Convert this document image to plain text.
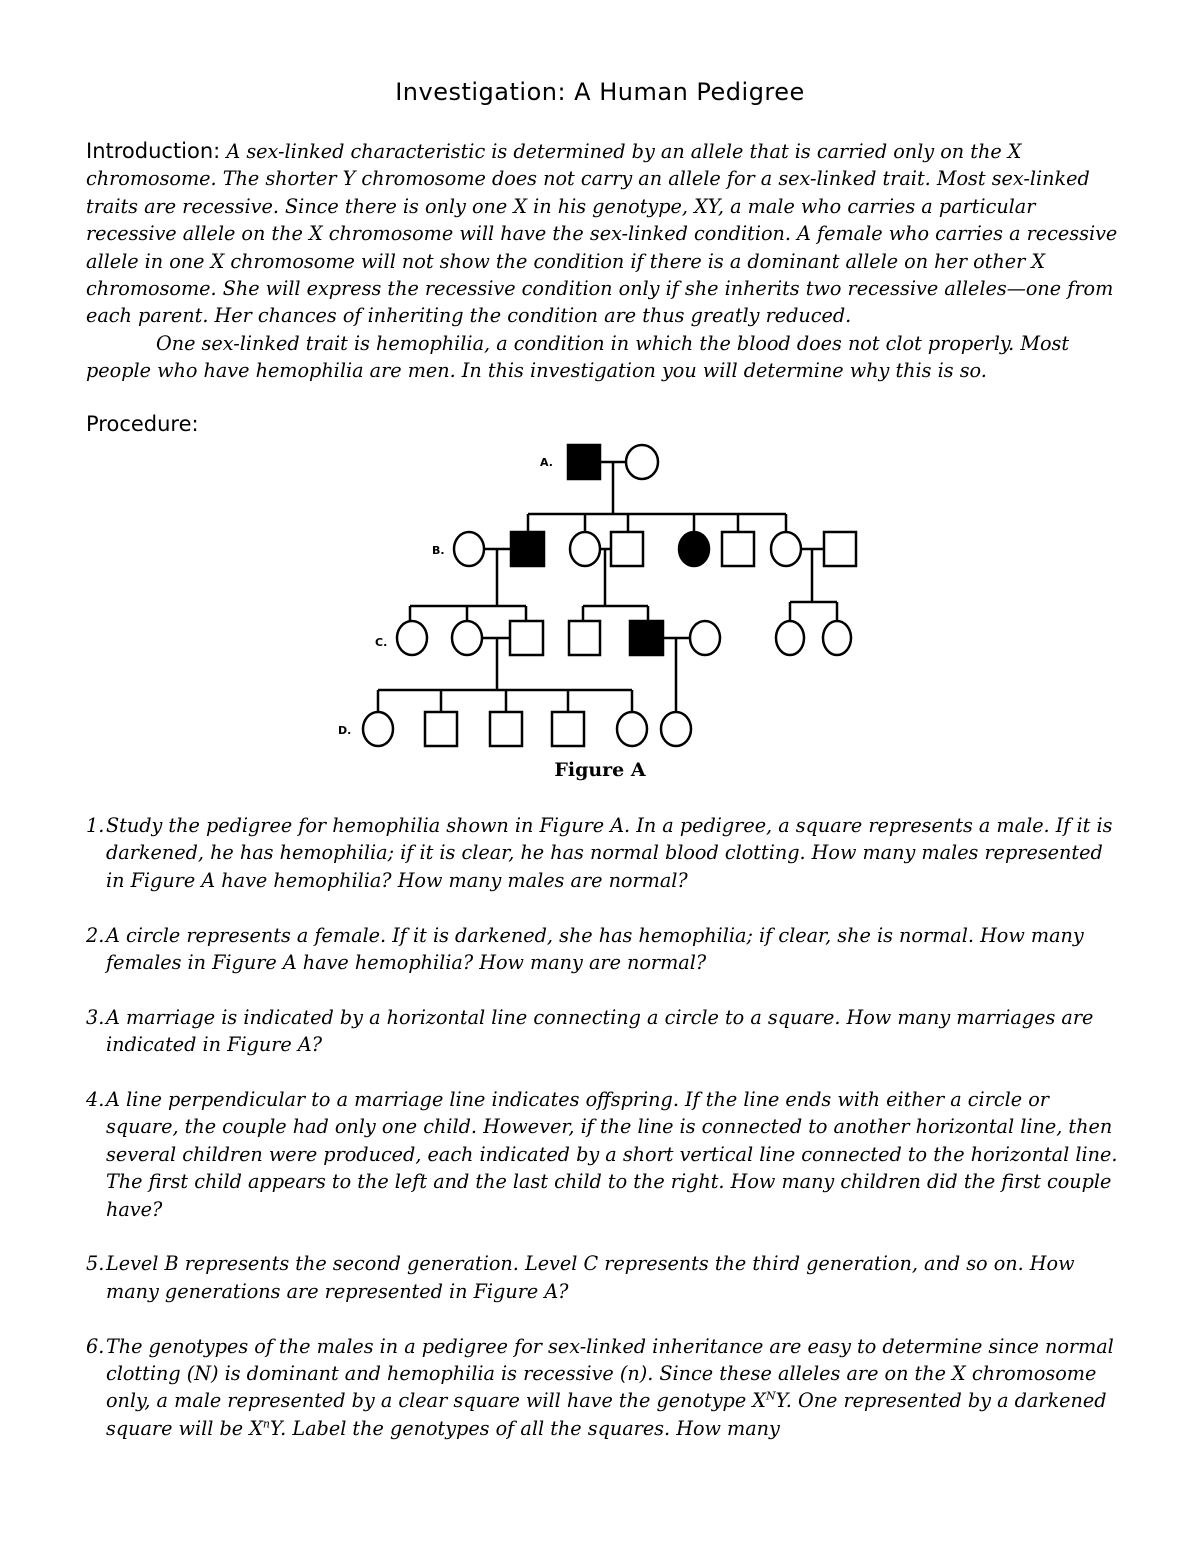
Investigation: A Human Pedigree

Introduction: A sex-linked characteristic is determined by an allele that is carried only on the X chromosome. The shorter Y chromosome does not carry an allele for a sex-linked trait. Most sex-linked traits are recessive. Since there is only one X in his genotype, XY, a male who carries a particular recessive allele on the X chromosome will have the sex-linked condition. A female who carries a recessive allele in one X chromosome will not show the condition if there is a dominant allele on her other X chromosome. She will express the recessive condition only if she inherits two recessive alleles—one from each parent. Her chances of inheriting the condition are thus greatly reduced.

One sex-linked trait is hemophilia, a condition in which the blood does not clot properly. Most people who have hemophilia are men. In this investigation you will determine why this is so.

Procedure:
A.
B.
C.
D.
Figure A
1. Study the pedigree for hemophilia shown in Figure A. In a pedigree, a square represents a male. If it is darkened, he has hemophilia; if it is clear, he has normal blood clotting. How many males represented in Figure A have hemophilia? How many males are normal?
2. A circle represents a female. If it is darkened, she has hemophilia; if clear, she is normal. How many females in Figure A have hemophilia? How many are normal?
3. A marriage is indicated by a horizontal line connecting a circle to a square. How many marriages are indicated in Figure A?
4. A line perpendicular to a marriage line indicates offspring. If the line ends with either a circle or square, the couple had only one child. However, if the line is connected to another horizontal line, then several children were produced, each indicated by a short vertical line connected to the horizontal line. The first child appears to the left and the last child to the right. How many children did the first couple have?
5. Level B represents the second generation. Level C represents the third generation, and so on. How many generations are represented in Figure A?
6. The genotypes of the males in a pedigree for sex-linked inheritance are easy to determine since normal clotting (N) is dominant and hemophilia is recessive (n). Since these alleles are on the X chromosome only, a male represented by a clear square will have the genotype $X^NY$. One represented by a darkened square will be $X^nY$. Label the genotypes of all the squares. How many
